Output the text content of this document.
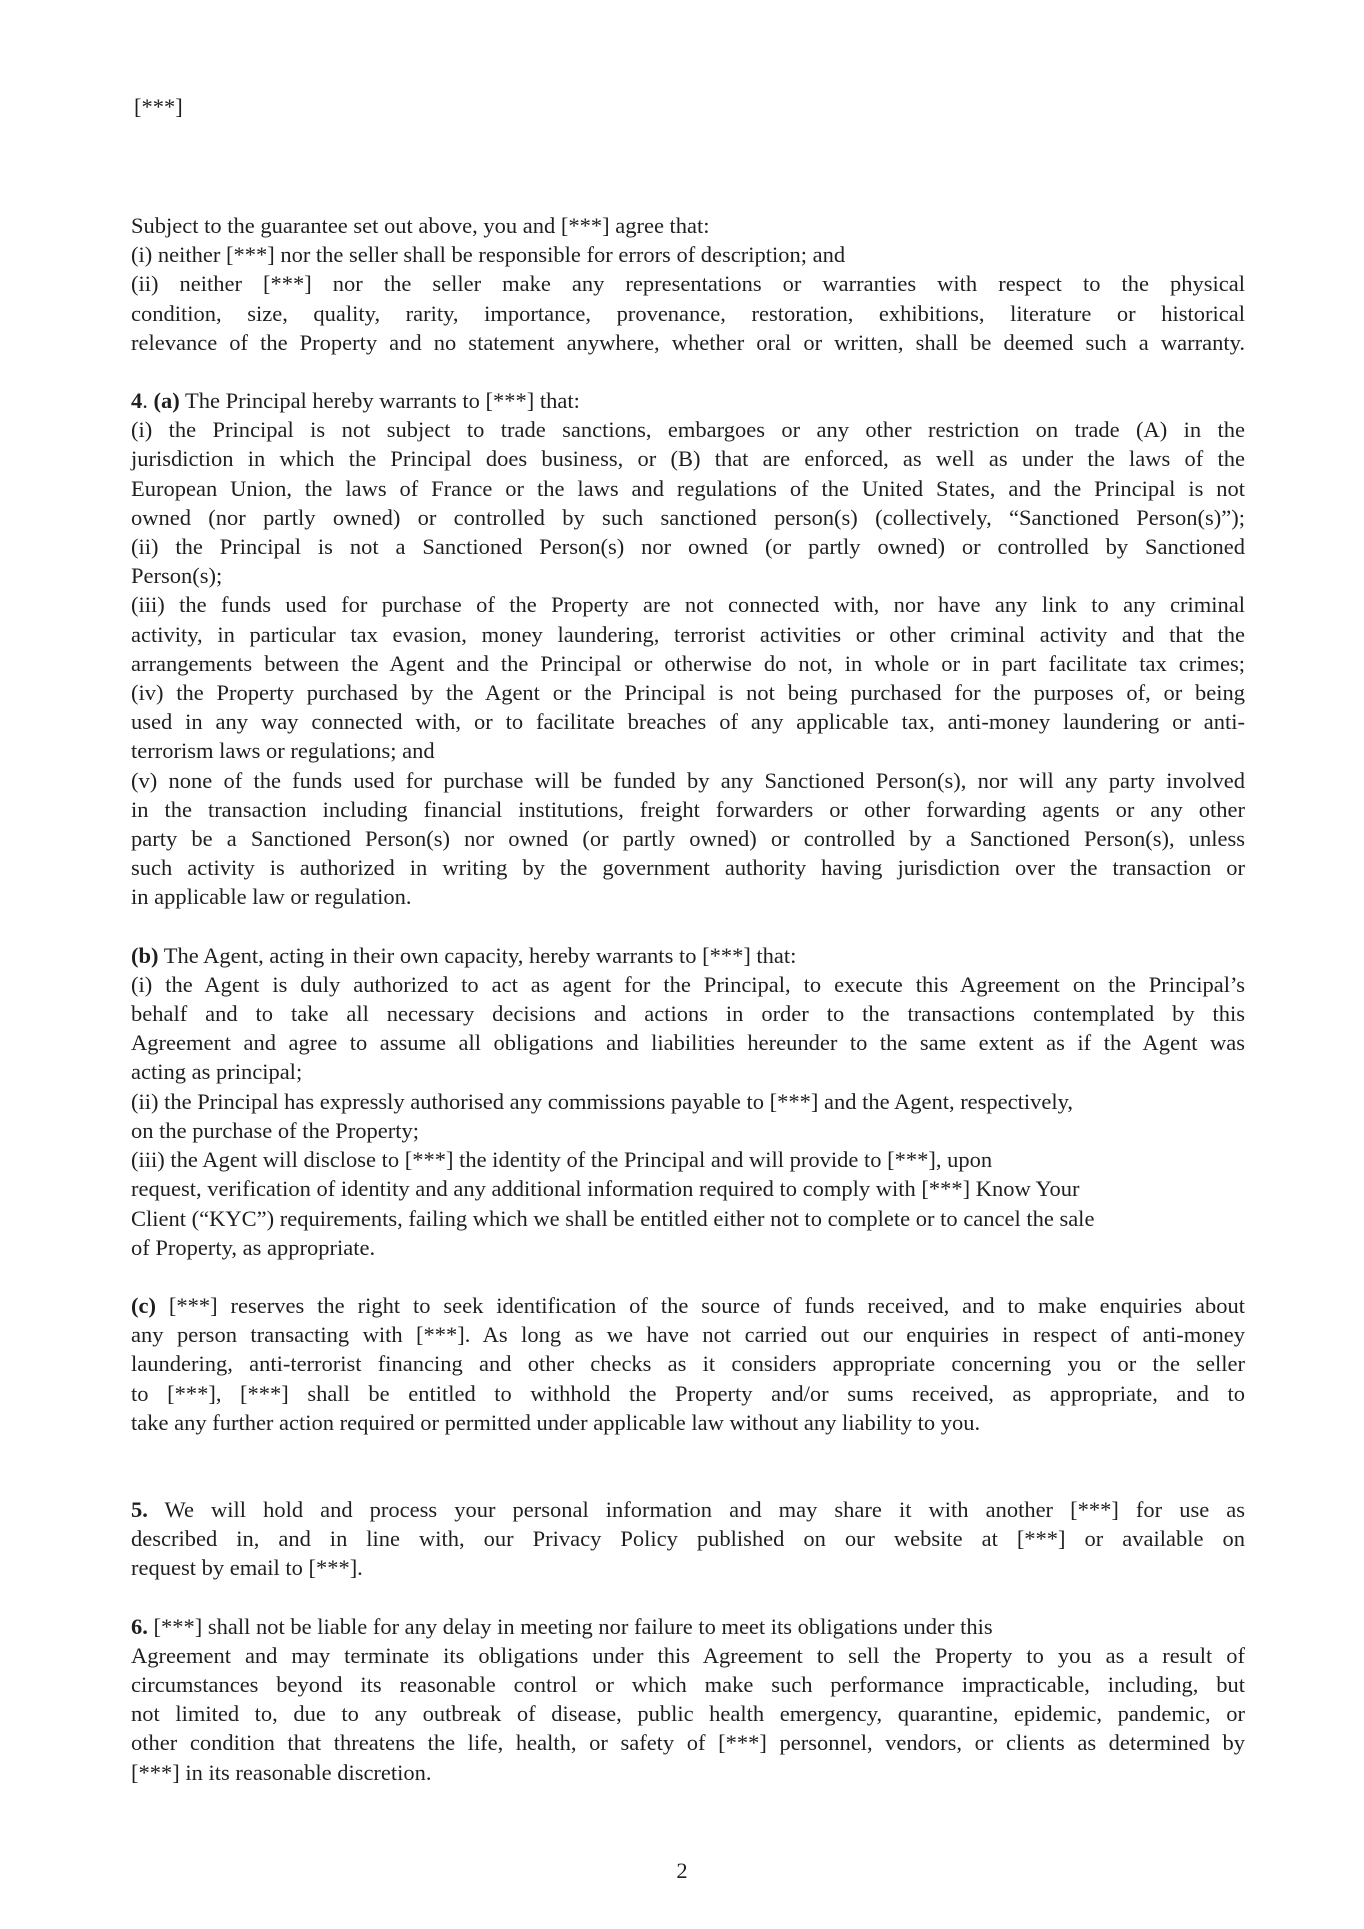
[***]
Subject to the guarantee set out above, you and [***] agree that:
(i) neither [***] nor the seller shall be responsible for errors of description; and
(ii) neither [***] nor the seller make any representations or warranties with respect to the physical
condition, size, quality, rarity, importance, provenance, restoration, exhibitions, literature or historical
relevance of the Property and no statement anywhere, whether oral or written, shall be deemed such a warranty.
4. (a) The Principal hereby warrants to [***] that:
(i) the Principal is not subject to trade sanctions, embargoes or any other restriction on trade (A) in the
jurisdiction in which the Principal does business, or (B) that are enforced, as well as under the laws of the
European Union, the laws of France or the laws and regulations of the United States, and the Principal is not
owned (nor partly owned) or controlled by such sanctioned person(s) (collectively, “Sanctioned Person(s)”);
(ii) the Principal is not a Sanctioned Person(s) nor owned (or partly owned) or controlled by Sanctioned
Person(s);
(iii) the funds used for purchase of the Property are not connected with, nor have any link to any criminal
activity, in particular tax evasion, money laundering, terrorist activities or other criminal activity and that the
arrangements between the Agent and the Principal or otherwise do not, in whole or in part facilitate tax crimes;
(iv) the Property purchased by the Agent or the Principal is not being purchased for the purposes of, or being
used in any way connected with, or to facilitate breaches of any applicable tax, anti-money laundering or anti-
terrorism laws or regulations; and
(v) none of the funds used for purchase will be funded by any Sanctioned Person(s), nor will any party involved
in the transaction including financial institutions, freight forwarders or other forwarding agents or any other
party be a Sanctioned Person(s) nor owned (or partly owned) or controlled by a Sanctioned Person(s), unless
such activity is authorized in writing by the government authority having jurisdiction over the transaction or
in applicable law or regulation.
(b) The Agent, acting in their own capacity, hereby warrants to [***] that:
(i) the Agent is duly authorized to act as agent for the Principal, to execute this Agreement on the Principal’s
behalf and to take all necessary decisions and actions in order to the transactions contemplated by this
Agreement and agree to assume all obligations and liabilities hereunder to the same extent as if the Agent was
acting as principal;
(ii) the Principal has expressly authorised any commissions payable to [***] and the Agent, respectively,
on the purchase of the Property;
(iii) the Agent will disclose to [***] the identity of the Principal and will provide to [***], upon
request, verification of identity and any additional information required to comply with [***] Know Your
Client (“KYC”) requirements, failing which we shall be entitled either not to complete or to cancel the sale
of Property, as appropriate.
(c) [***] reserves the right to seek identification of the source of funds received, and to make enquiries about
any person transacting with [***]. As long as we have not carried out our enquiries in respect of anti-money
laundering, anti-terrorist financing and other checks as it considers appropriate concerning you or the seller
to [***], [***] shall be entitled to withhold the Property and/or sums received, as appropriate, and to
take any further action required or permitted under applicable law without any liability to you.
5. We will hold and process your personal information and may share it with another [***] for use as
described in, and in line with, our Privacy Policy published on our website at [***] or available on
request by email to [***].
6. [***] shall not be liable for any delay in meeting nor failure to meet its obligations under this
Agreement and may terminate its obligations under this Agreement to sell the Property to you as a result of
circumstances beyond its reasonable control or which make such performance impracticable, including, but
not limited to, due to any outbreak of disease, public health emergency, quarantine, epidemic, pandemic, or
other condition that threatens the life, health, or safety of [***] personnel, vendors, or clients as determined by
[***] in its reasonable discretion.
2
